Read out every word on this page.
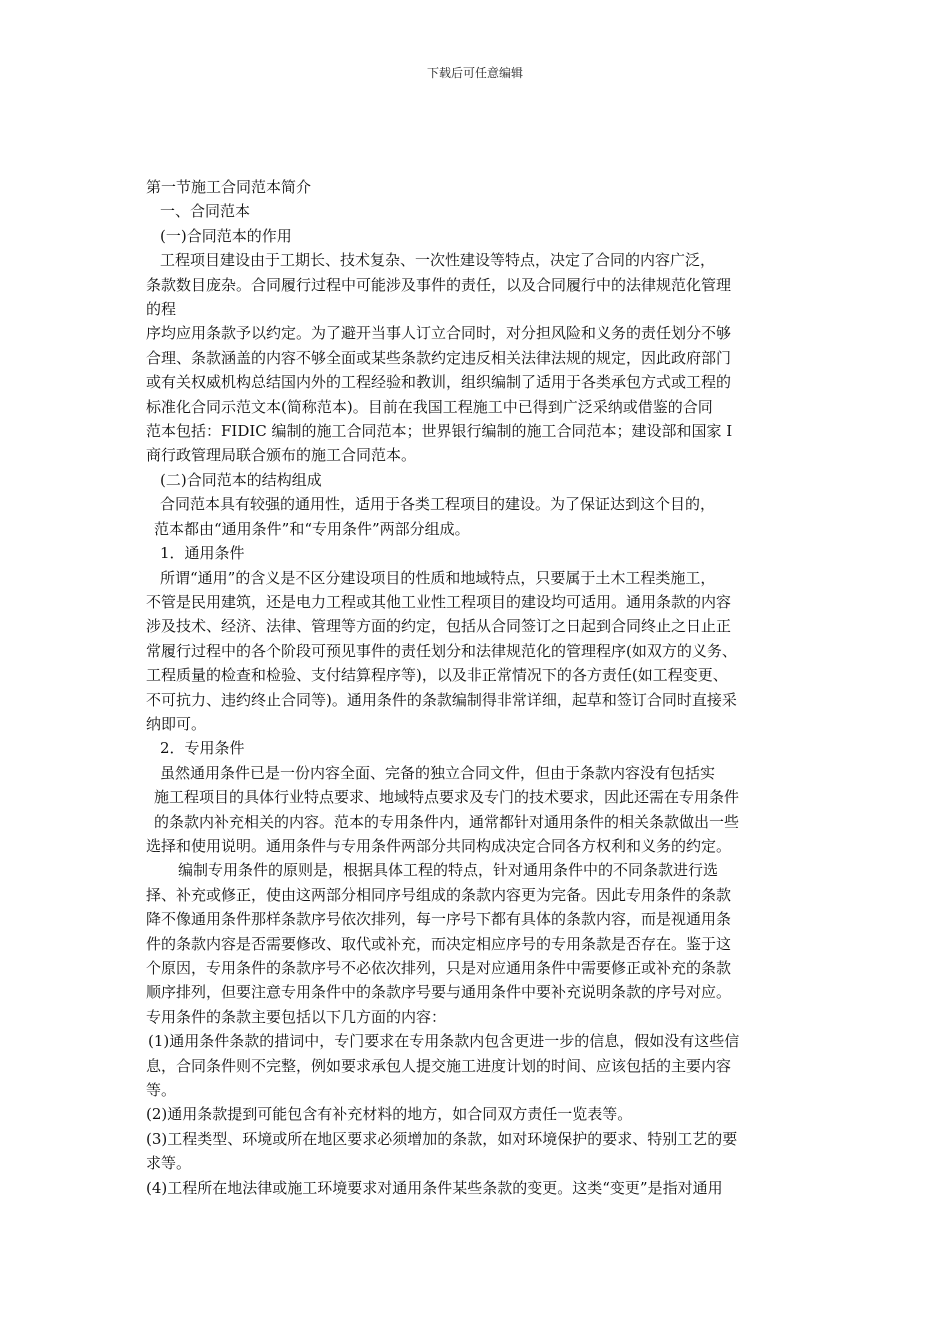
下载后可任意编辑
第一节施工合同范本简介
一、合同范本
(一)合同范本的作用
工程项目建设由于工期长、技术复杂、一次性建设等特点，决定了合同的内容广泛，
条款数目庞杂。合同履行过程中可能涉及事件的责任，以及合同履行中的法律规范化管理
的程
序均应用条款予以约定。为了避开当事人订立合同时，对分担风险和义务的责任划分不够
合理、条款涵盖的内容不够全面或某些条款约定违反相关法律法规的规定，因此政府部门
或有关权威机构总结国内外的工程经验和教训，组织编制了适用于各类承包方式或工程的
标准化合同示范文本(简称范本)。目前在我国工程施工中已得到广泛采纳或借鉴的合同
范本包括：FIDIC 编制的施工合同范本；世界银行编制的施工合同范本；建设部和国家 I
商行政管理局联合颁布的施工合同范本。
(二)合同范本的结构组成
合同范本具有较强的通用性，适用于各类工程项目的建设。为了保证达到这个目的，
范本都由“通用条件”和“专用条件”两部分组成。
1．通用条件
所谓“通用”的含义是不区分建设项目的性质和地域特点，只要属于土木工程类施工，
不管是民用建筑，还是电力工程或其他工业性工程项目的建设均可适用。通用条款的内容
涉及技术、经济、法律、管理等方面的约定，包括从合同签订之日起到合同终止之日止正
常履行过程中的各个阶段可预见事件的责任划分和法律规范化的管理程序(如双方的义务、
工程质量的检查和检验、支付结算程序等)，以及非正常情况下的各方责任(如工程变更、
不可抗力、违约终止合同等)。通用条件的条款编制得非常详细，起草和签订合同时直接采
纳即可。
2．专用条件
虽然通用条件已是一份内容全面、完备的独立合同文件，但由于条款内容没有包括实
施工程项目的具体行业特点要求、地域特点要求及专门的技术要求，因此还需在专用条件
的条款内补充相关的内容。范本的专用条件内，通常都针对通用条件的相关条款做出一些
选择和使用说明。通用条件与专用条件两部分共同构成决定合同各方权利和义务的约定。
编制专用条件的原则是，根据具体工程的特点，针对通用条件中的不同条款进行选
择、补充或修正，使由这两部分相同序号组成的条款内容更为完备。因此专用条件的条款
降不像通用条件那样条款序号依次排列，每一序号下都有具体的条款内容，而是视通用条
件的条款内容是否需要修改、取代或补充，而决定相应序号的专用条款是否存在。鉴于这
个原因，专用条件的条款序号不必依次排列，只是对应通用条件中需要修正或补充的条款
顺序排列，但要注意专用条件中的条款序号要与通用条件中要补充说明条款的序号对应。
专用条件的条款主要包括以下几方面的内容：
(1)通用条件条款的措词中，专门要求在专用条款内包含更进一步的信息，假如没有这些信
息，合同条件则不完整，例如要求承包人提交施工进度计划的时间、应该包括的主要内容
等。
(2)通用条款提到可能包含有补充材料的地方，如合同双方责任一览表等。
(3)工程类型、环境或所在地区要求必须增加的条款，如对环境保护的要求、特别工艺的要
求等。
(4)工程所在地法律或施工环境要求对通用条件某些条款的变更。这类“变更”是指对通用
